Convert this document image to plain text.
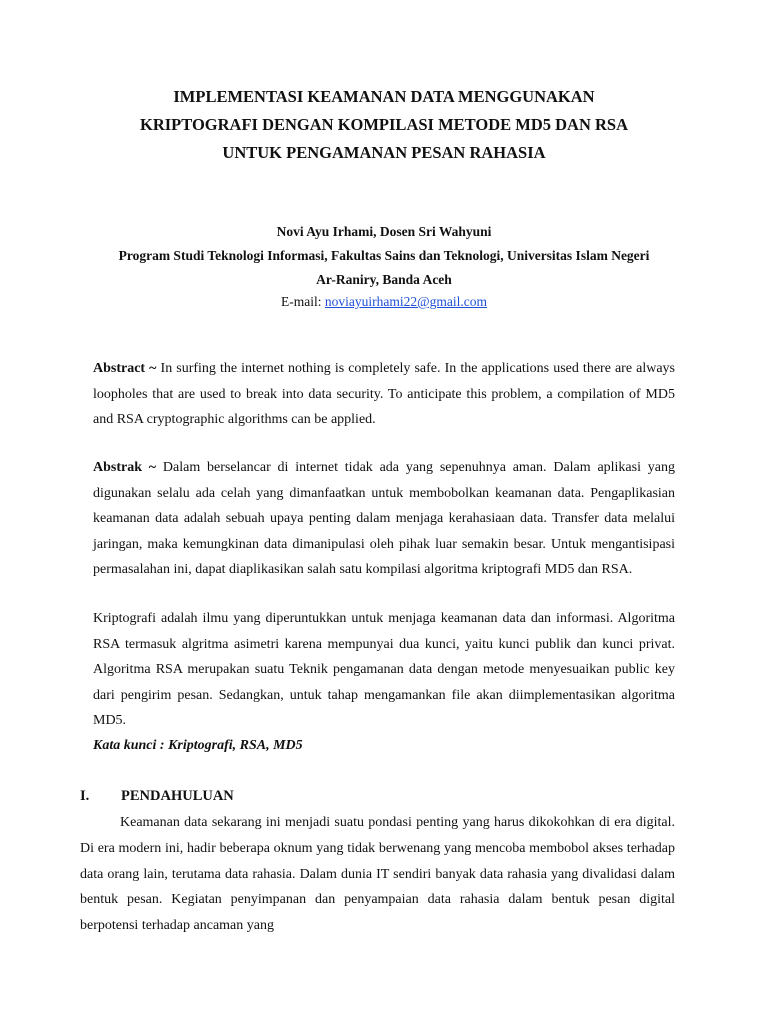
IMPLEMENTASI KEAMANAN DATA MENGGUNAKAN
KRIPTOGRAFI DENGAN KOMPILASI METODE MD5 DAN RSA
UNTUK PENGAMANAN PESAN RAHASIA

Novi Ayu Irhami, Dosen Sri Wahyuni

Program Studi Teknologi Informasi, Fakultas Sains dan Teknologi, Universitas Islam Negeri
Ar-Raniry, Banda Aceh

E-mail: noviayuirhami22@gmail.com

Abstract ~ In surfing the internet nothing is completely safe. In the applications used there are always loopholes that are used to break into data security. To anticipate this problem, a compilation of MD5 and RSA cryptographic algorithms can be applied.

Abstrak ~ Dalam berselancar di internet tidak ada yang sepenuhnya aman. Dalam aplikasi yang digunakan selalu ada celah yang dimanfaatkan untuk membobolkan keamanan data. Pengaplikasian keamanan data adalah sebuah upaya penting dalam menjaga kerahasiaan data. Transfer data melalui jaringan, maka kemungkinan data dimanipulasi oleh pihak luar semakin besar. Untuk mengantisipasi permasalahan ini, dapat diaplikasikan salah satu kompilasi algoritma kriptografi MD5 dan RSA.

Kriptografi adalah ilmu yang diperuntukkan untuk menjaga keamanan data dan informasi. Algoritma RSA termasuk algritma asimetri karena mempunyai dua kunci, yaitu kunci publik dan kunci privat. Algoritma RSA merupakan suatu Teknik pengamanan data dengan metode menyesuaikan public key dari pengirim pesan. Sedangkan, untuk tahap mengamankan file akan diimplementasikan algoritma MD5.

Kata kunci : Kriptografi, RSA, MD5

I. PENDAHULUAN

Keamanan data sekarang ini menjadi suatu pondasi penting yang harus dikokohkan di era digital. Di era modern ini, hadir beberapa oknum yang tidak berwenang yang mencoba membobol akses terhadap data orang lain, terutama data rahasia. Dalam dunia IT sendiri banyak data rahasia yang divalidasi dalam bentuk pesan. Kegiatan penyimpanan dan penyampaian data rahasia dalam bentuk pesan digital berpotensi terhadap ancaman yang
